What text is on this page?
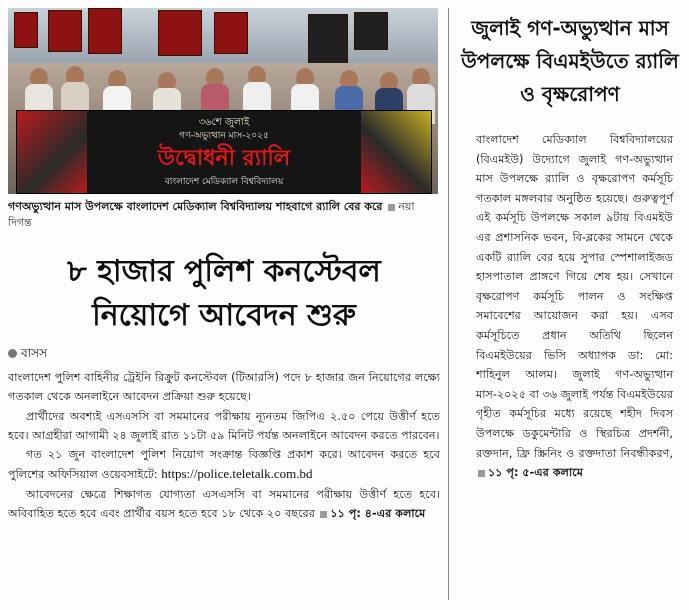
৩৬শে জুলাই
গণ-অভ্যুত্থান মাস-২০২৫
উদ্বোধনী র‍্যালি
বাংলাদেশ মেডিক্যাল বিশ্ববিদ্যালয়
গণঅভ্যুত্থান মাস উপলক্ষে বাংলাদেশ মেডিক্যাল বিশ্ববিদ্যালয় শাহবাগে র‍্যালি বের করে নয়া দিগন্ত
৮ হাজার পুলিশ কনস্টেবল
নিয়োগে আবেদন শুরু
বাসস

বাংলাদেশ পুলিশ বাহিনীর ট্রেইনি রিক্রুট কনস্টেবল (টিআরসি) পদে ৮ হাজার জন নিয়োগের লক্ষ্যে গতকাল থেকে অনলাইনে আবেদন প্রক্রিয়া শুরু হয়েছে।

প্রার্থীদের অবশ্যই এসএসসি বা সমমানের পরীক্ষায় ন্যূনতম জিপিএ ২.৫০ পেয়ে উত্তীর্ণ হতে হবে। আগ্রহীরা আগামী ২৪ জুলাই রাত ১১টা ৫৯ মিনিট পর্যন্ত অনলাইনে আবেদন করতে পারবেন।

গত ২১ জুন বাংলাদেশ পুলিশ নিয়োগ সংক্রান্ত বিজ্ঞপ্তি প্রকাশ করে। আবেদন করতে হবে পুলিশের অফিসিয়াল ওয়েবসাইটে: https://police.teletalk.com.bd

আবেদনের ক্ষেত্রে শিক্ষাগত যোগ্যতা এসএসসি বা সমমানের পরীক্ষায় উত্তীর্ণ হতে হবে। অবিবাহিত হতে হবে এবং প্রার্থীর বয়স হতে হবে ১৮ থেকে ২০ বছরের ১১ পৃ: ৪-এর কলামে

জুলাই গণ-অভ্যুত্থান মাস উপলক্ষে বিএমইউতে র‍্যালি ও বৃক্ষরোপণ
বাংলাদেশ মেডিক্যাল বিশ্ববিদ্যালয়ের (বিএমইউ) উদ্যোগে জুলাই গণ-অভ্যুত্থান মাস উপলক্ষে র‍্যালি ও বৃক্ষরোপণ কর্মসূচি গতকাল মঙ্গলবার অনুষ্ঠিত হয়েছে। গুরুত্বপূর্ণ এই কর্মসূচি উপলক্ষে সকাল ৯টায় বিএমইউ এর প্রশাসনিক ভবন, বি-ব্লকের সামনে থেকে একটি র‍্যালি বের হয়ে সুপার স্পেশালাইজড হাসপাতাল প্রাঙ্গণে গিয়ে শেষ হয়। সেখানে বৃক্ষরোপণ কর্মসূচি পালন ও সংক্ষিপ্ত সমাবেশের আয়োজন করা হয়। এসব কর্মসূচিতে প্রধান অতিথি ছিলেন বিএমইউয়ের ভিসি অধ্যাপক ডা: মো: শাহিনুল আলম। জুলাই গণ-অভ্যুত্থান মাস-২০২৫ বা ৩৬ জুলাই পর্যন্ত বিএমইউয়ের গৃহীত কর্মসূচির মধ্যে রয়েছে শহীদ দিবস উপলক্ষে ডকুমেন্টারি ও স্থিরচিত্র প্রদর্শনী, রক্তদান, ফ্রি স্ক্রিনিং ও রক্তদাতা নিবন্ধীকরণ, ১১ পৃ: ৫-এর কলামে
